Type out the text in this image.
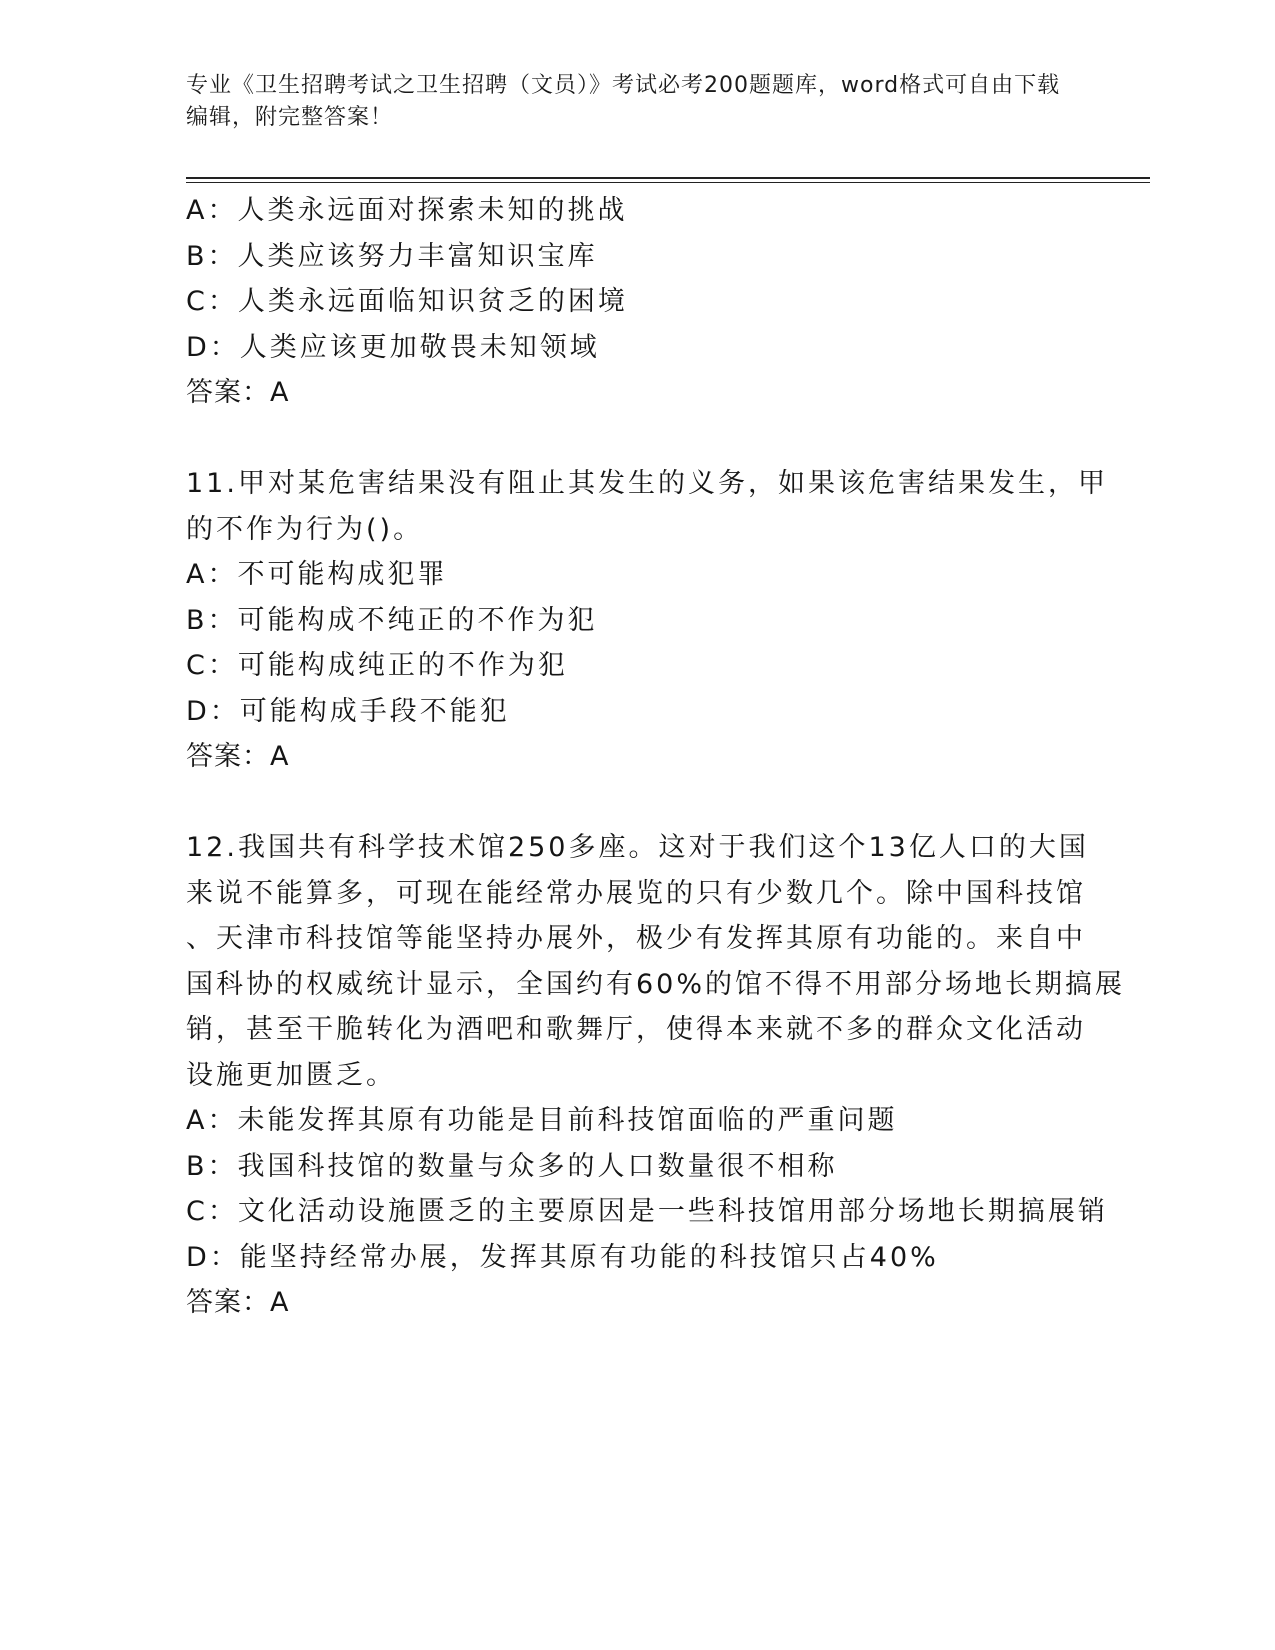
专业《卫生招聘考试之卫生招聘（文员）》考试必考200题题库，word格式可自由下载编辑，附完整答案！
A：人类永远面对探索未知的挑战
B：人类应该努力丰富知识宝库
C：人类永远面临知识贫乏的困境
D：人类应该更加敬畏未知领域
答案：A
11.甲对某危害结果没有阻止其发生的义务，如果该危害结果发生，甲
的不作为行为()。
A：不可能构成犯罪
B：可能构成不纯正的不作为犯
C：可能构成纯正的不作为犯
D：可能构成手段不能犯
答案：A
12.我国共有科学技术馆250多座。这对于我们这个13亿人口的大国
来说不能算多，可现在能经常办展览的只有少数几个。除中国科技馆
、天津市科技馆等能坚持办展外，极少有发挥其原有功能的。来自中
国科协的权威统计显示，全国约有60%的馆不得不用部分场地长期搞展
销，甚至干脆转化为酒吧和歌舞厅，使得本来就不多的群众文化活动
设施更加匮乏。
A：未能发挥其原有功能是目前科技馆面临的严重问题
B：我国科技馆的数量与众多的人口数量很不相称
C：文化活动设施匮乏的主要原因是一些科技馆用部分场地长期搞展销
D：能坚持经常办展，发挥其原有功能的科技馆只占40%
答案：A
